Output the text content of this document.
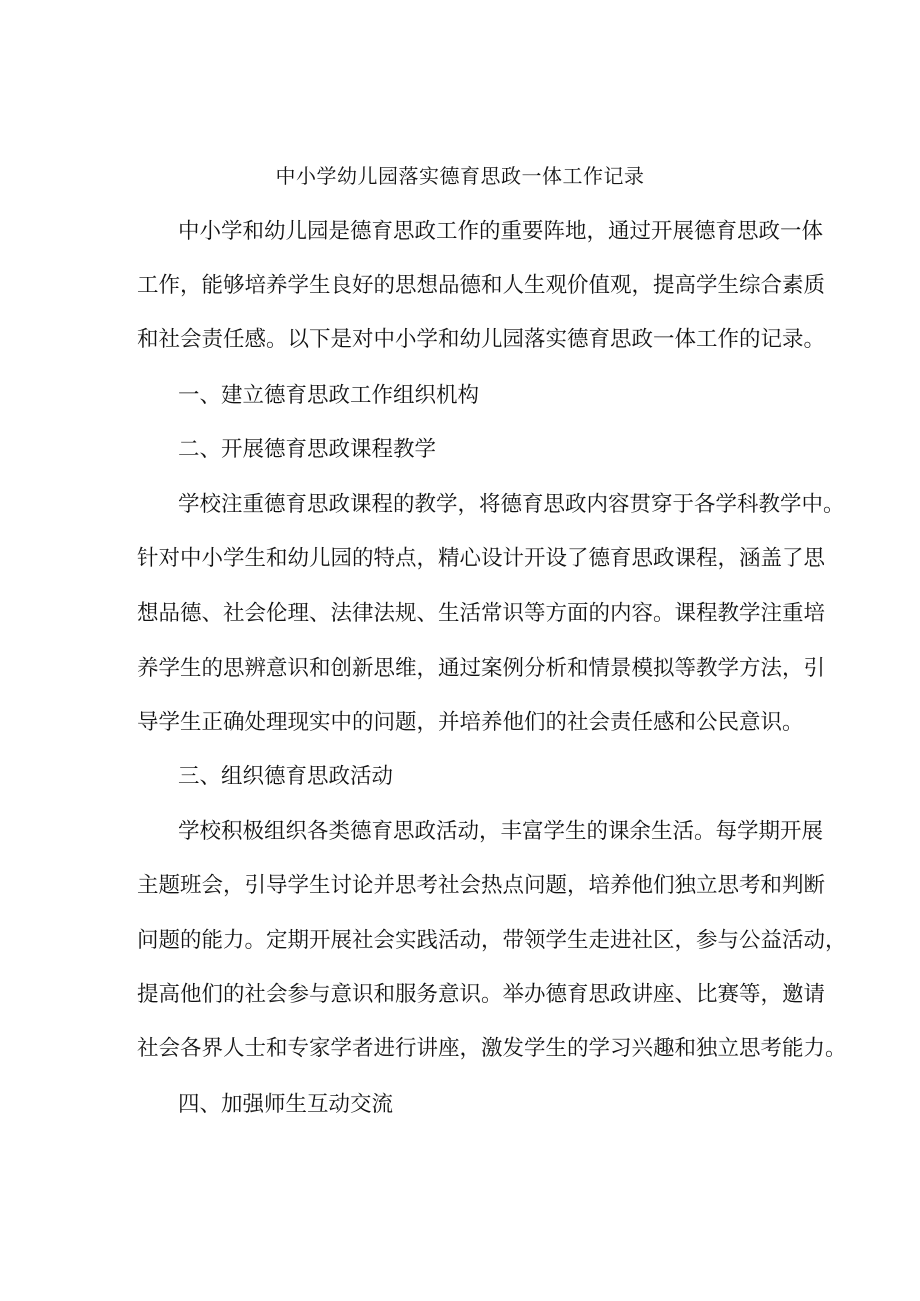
中小学幼儿园落实德育思政一体工作记录
中小学和幼儿园是德育思政工作的重要阵地，通过开展德育思政一体
工作，能够培养学生良好的思想品德和人生观价值观，提高学生综合素质
和社会责任感。以下是对中小学和幼儿园落实德育思政一体工作的记录。
一、建立德育思政工作组织机构
二、开展德育思政课程教学
学校注重德育思政课程的教学，将德育思政内容贯穿于各学科教学中。
针对中小学生和幼儿园的特点，精心设计开设了德育思政课程，涵盖了思
想品德、社会伦理、法律法规、生活常识等方面的内容。课程教学注重培
养学生的思辨意识和创新思维，通过案例分析和情景模拟等教学方法，引
导学生正确处理现实中的问题，并培养他们的社会责任感和公民意识。
三、组织德育思政活动
学校积极组织各类德育思政活动，丰富学生的课余生活。每学期开展
主题班会，引导学生讨论并思考社会热点问题，培养他们独立思考和判断
问题的能力。定期开展社会实践活动，带领学生走进社区，参与公益活动，
提高他们的社会参与意识和服务意识。举办德育思政讲座、比赛等，邀请
社会各界人士和专家学者进行讲座，激发学生的学习兴趣和独立思考能力。
四、加强师生互动交流
